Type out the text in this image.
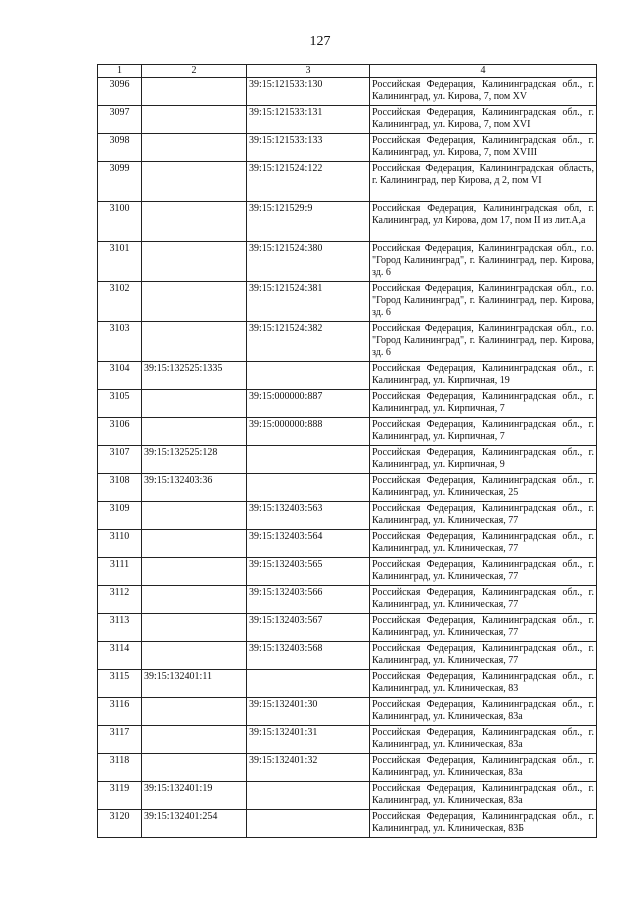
127
1	2	3	4
3096		39:15:121533:130	Российская Федерация, Калининградская обл., г. Калининград, ул. Кирова, 7, пом XV
3097		39:15:121533:131	Российская Федерация, Калининградская обл., г. Калининград, ул. Кирова, 7, пом XVI
3098		39:15:121533:133	Российская Федерация, Калининградская обл., г. Калининград, ул. Кирова, 7, пом XVIII
3099		39:15:121524:122	Российская Федерация, Калининградская область, г. Калининград, пер Кирова, д 2, пом VI
3100		39:15:121529:9	Российская Федерация, Калининградская обл, г. Калининград, ул Кирова, дом 17, пом II из лит.А,а
3101		39:15:121524:380	Российская Федерация, Калининградская обл., г.о. "Город Калининград", г. Калининград, пер. Кирова, зд. 6
3102		39:15:121524:381	Российская Федерация, Калининградская обл., г.о. "Город Калининград", г. Калининград, пер. Кирова, зд. 6
3103		39:15:121524:382	Российская Федерация, Калининградская обл., г.о. "Город Калининград", г. Калининград, пер. Кирова, зд. 6
3104	39:15:132525:1335		Российская Федерация, Калининградская обл., г. Калининград, ул. Кирпичная, 19
3105		39:15:000000:887	Российская Федерация, Калининградская обл., г. Калининград, ул. Кирпичная, 7
3106		39:15:000000:888	Российская Федерация, Калининградская обл., г. Калининград, ул. Кирпичная, 7
3107	39:15:132525:128		Российская Федерация, Калининградская обл., г. Калининград, ул. Кирпичная, 9
3108	39:15:132403:36		Российская Федерация, Калининградская обл., г. Калининград, ул. Клиническая, 25
3109		39:15:132403:563	Российская Федерация, Калининградская обл., г. Калининград, ул. Клиническая, 77
3110		39:15:132403:564	Российская Федерация, Калининградская обл., г. Калининград, ул. Клиническая, 77
3111		39:15:132403:565	Российская Федерация, Калининградская обл., г. Калининград, ул. Клиническая, 77
3112		39:15:132403:566	Российская Федерация, Калининградская обл., г. Калининград, ул. Клиническая, 77
3113		39:15:132403:567	Российская Федерация, Калининградская обл., г. Калининград, ул. Клиническая, 77
3114		39:15:132403:568	Российская Федерация, Калининградская обл., г. Калининград, ул. Клиническая, 77
3115	39:15:132401:11		Российская Федерация, Калининградская обл., г. Калининград, ул. Клиническая, 83
3116		39:15:132401:30	Российская Федерация, Калининградская обл., г. Калининград, ул. Клиническая, 83а
3117		39:15:132401:31	Российская Федерация, Калининградская обл., г. Калининград, ул. Клиническая, 83а
3118		39:15:132401:32	Российская Федерация, Калининградская обл., г. Калининград, ул. Клиническая, 83а
3119	39:15:132401:19		Российская Федерация, Калининградская обл., г. Калининград, ул. Клиническая, 83а
3120	39:15:132401:254		Российская Федерация, Калининградская обл., г. Калининград, ул. Клиническая, 83Б
